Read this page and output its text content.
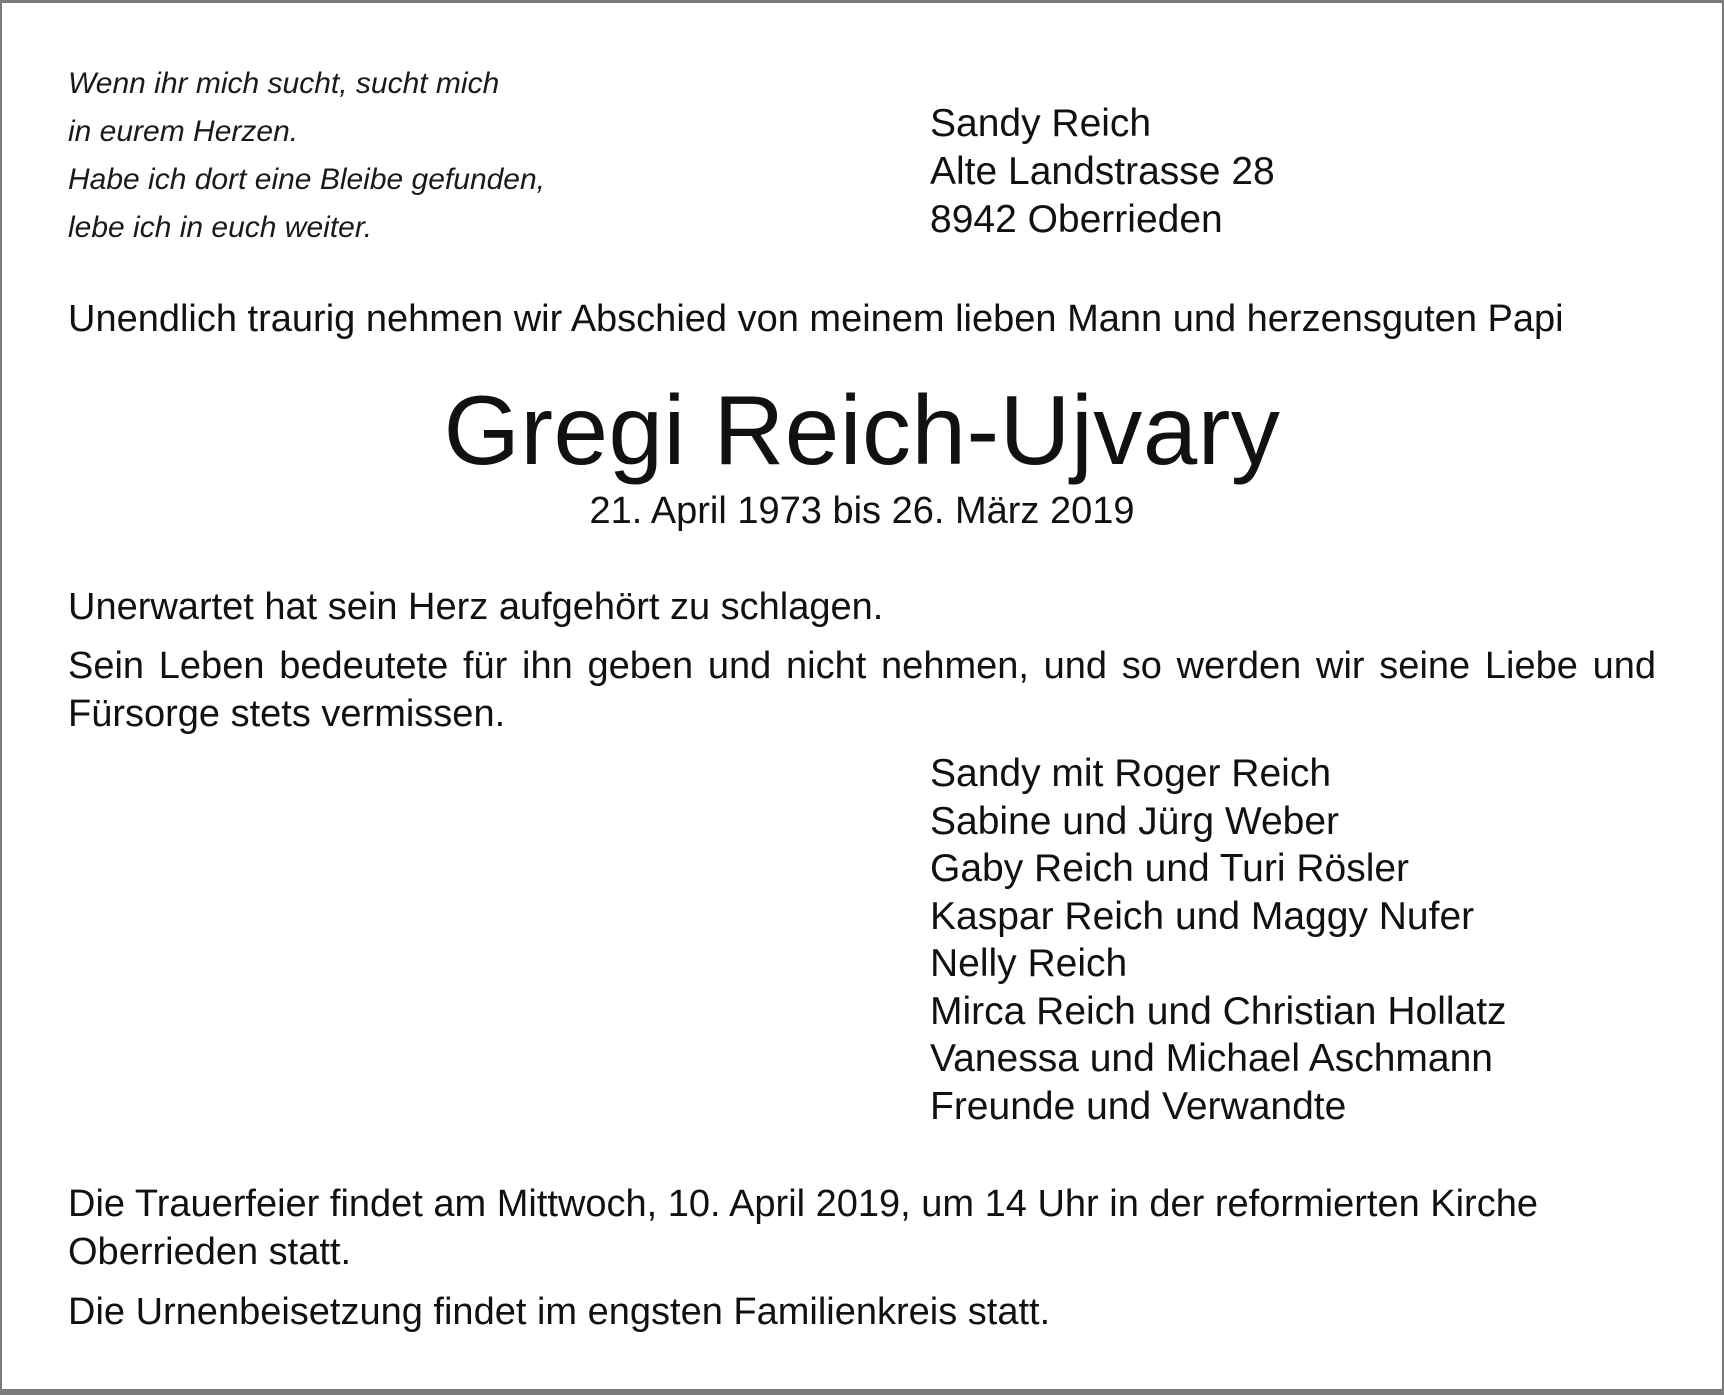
Wenn ihr mich sucht, sucht mich
in eurem Herzen.
Habe ich dort eine Bleibe gefunden,
lebe ich in euch weiter.
Sandy Reich
Alte Landstrasse 28
8942 Oberrieden

Unendlich traurig nehmen wir Abschied von meinem lieben Mann und herzensguten Papi

Gregi Reich-Ujvary

21. April 1973 bis 26. März 2019

Unerwartet hat sein Herz aufgehört zu schlagen.

Sein Leben bedeutete für ihn geben und nicht nehmen, und so werden wir seine Liebe und Fürsorge stets vermissen.

Sandy mit Roger Reich
Sabine und Jürg Weber
Gaby Reich und Turi Rösler
Kaspar Reich und Maggy Nufer
Nelly Reich
Mirca Reich und Christian Hollatz
Vanessa und Michael Aschmann
Freunde und Verwandte

Die Trauerfeier findet am Mittwoch, 10. April 2019, um 14 Uhr in der reformierten Kirche Oberrieden statt.

Die Urnenbeisetzung findet im engsten Familienkreis statt.
